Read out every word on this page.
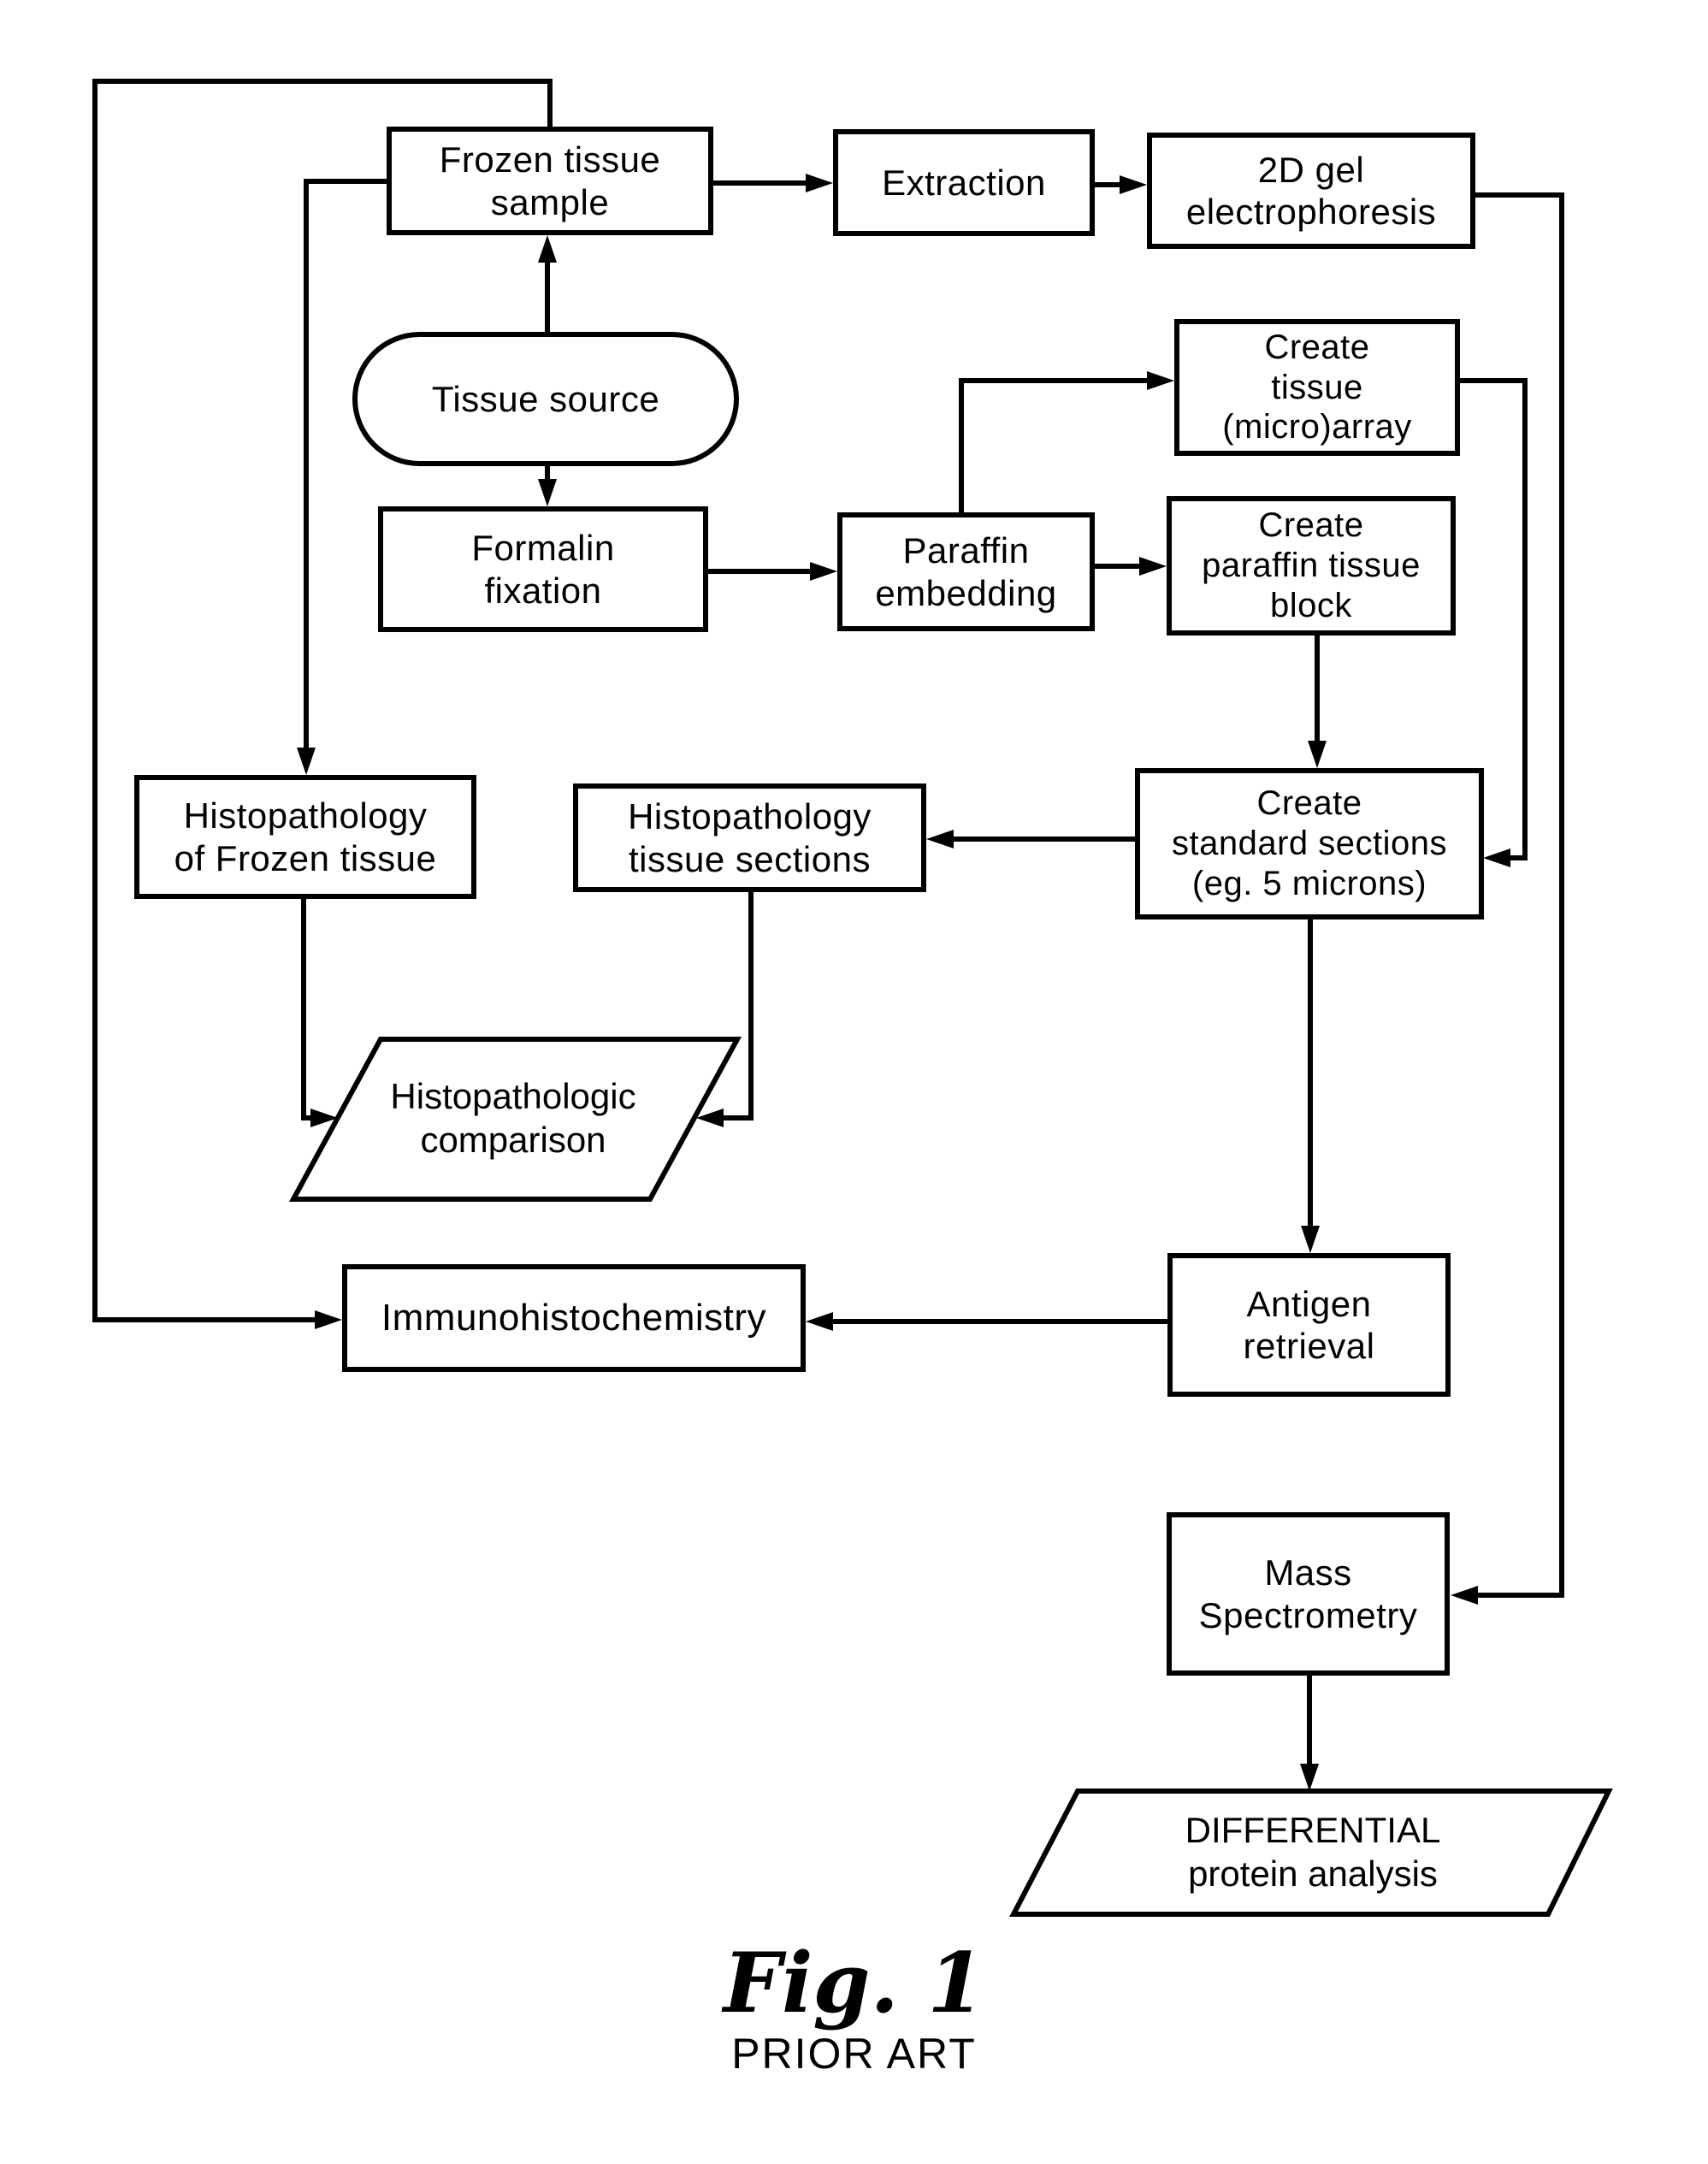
Frozen tissue
sample	Extraction	2D gel
electrophoresis
Tissue source
Formalin
fixation
Paraffin
embedding
Create
tissue
(micro)array
Create
paraffin tissue
block
Create
standard sections
(eg. 5 microns)
Histopathology
of Frozen tissue
Histopathology
tissue sections
Immunohistochemistry	Antigen
retrieval
Mass
Spectrometry
Histopathologic
comparison
DIFFERENTIAL
protein analysis
Fig. 1
PRIOR ART
